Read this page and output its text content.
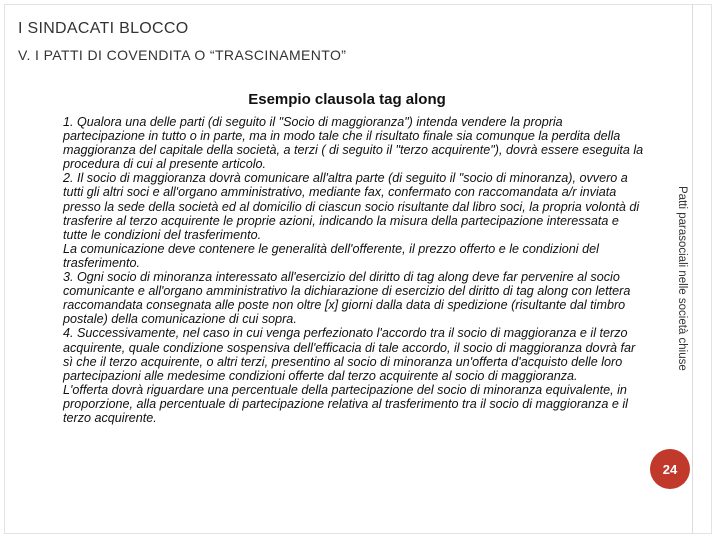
I SINDACATI BLOCCO
V. I PATTI DI COVENDITA O “TRASCINAMENTO”
Esempio clausola tag along

1. Qualora una delle parti (di seguito il "Socio di maggioranza") intenda vendere la propria partecipazione in tutto o in parte, ma in modo tale che il risultato finale sia comunque la perdita della maggioranza del capitale della società, a terzi ( di seguito il "terzo acquirente"), dovrà essere eseguita la procedura di cui al presente articolo.

2. Il socio di maggioranza dovrà comunicare all'altra parte (di seguito il "socio di minoranza), ovvero a tutti gli altri soci e all'organo amministrativo, mediante fax, confermato con raccomandata a/r inviata presso la sede della società ed al domicilio di ciascun socio risultante dal libro soci, la propria volontà di trasferire al terzo acquirente le proprie azioni, indicando la misura della partecipazione interessata e tutte le condizioni del trasferimento.

La comunicazione deve contenere le generalità dell'offerente, il prezzo offerto e le condizioni del trasferimento.

3. Ogni socio di minoranza interessato all'esercizio del diritto di tag along deve far pervenire al socio comunicante e all'organo amministrativo la dichiarazione di esercizio del diritto di tag along con lettera raccomandata consegnata alle poste non oltre [x] giorni dalla data di spedizione (risultante dal timbro postale) della comunicazione di cui sopra.

4. Successivamente, nel caso in cui venga perfezionato l'accordo tra il socio di maggioranza e il terzo acquirente, quale condizione sospensiva dell'efficacia di tale accordo, il socio di maggioranza dovrà far sì che il terzo acquirente, o altri terzi, presentino al socio di minoranza un'offerta d'acquisto delle loro partecipazioni alle medesime condizioni offerte dal terzo acquirente al socio di maggioranza.

L'offerta dovrà riguardare una percentuale della partecipazione del socio di minoranza equivalente, in proporzione, alla percentuale di partecipazione relativa al trasferimento tra il socio di maggioranza e il terzo acquirente.

Patti parasociali nelle società chiuse
24
